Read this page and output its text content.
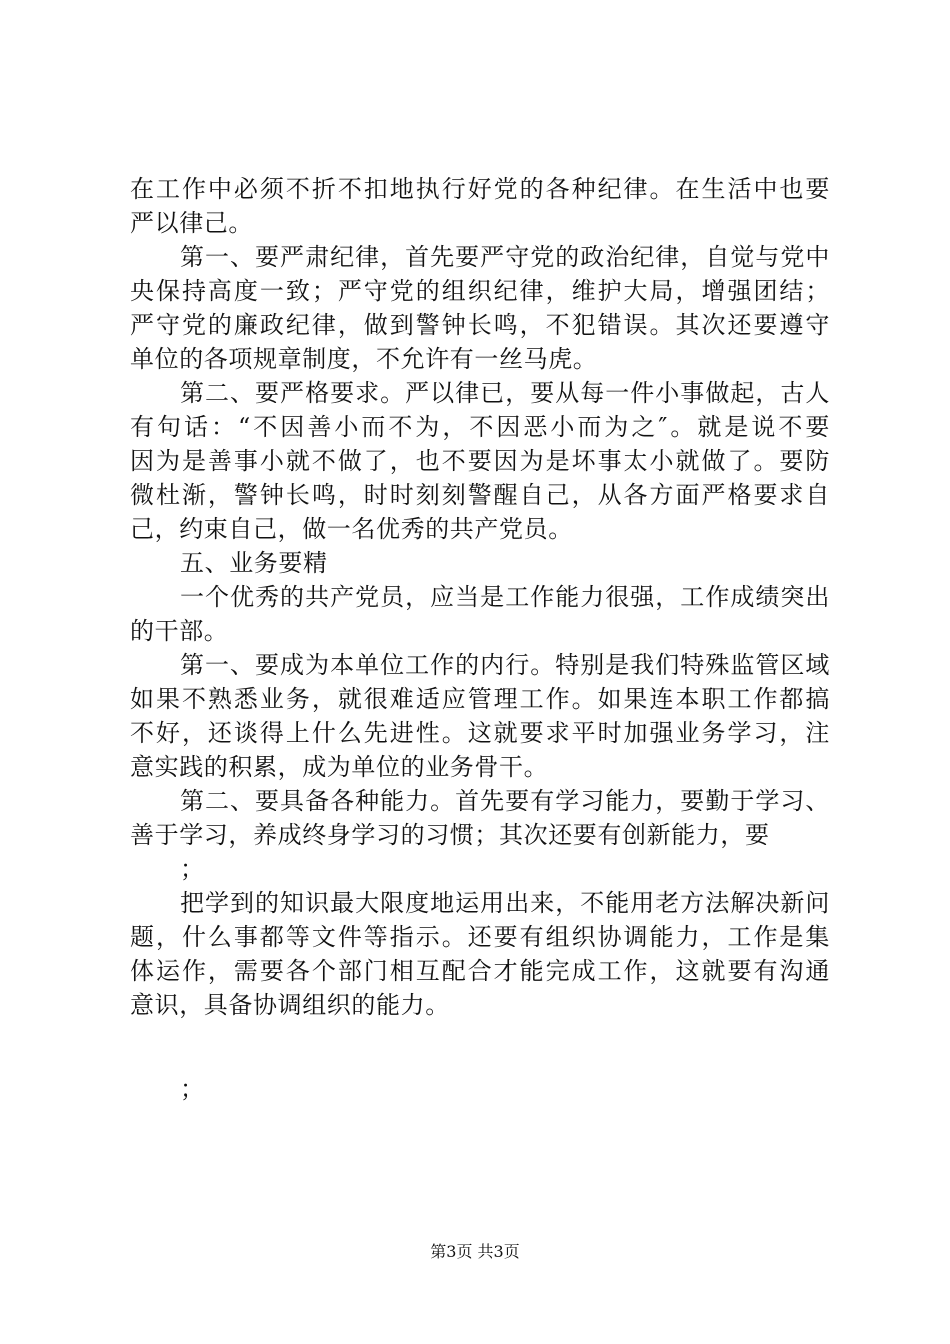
在工作中必须不折不扣地执行好党的各种纪律。在生活中也要
严以律己。
第一、要严肃纪律，首先要严守党的政治纪律，自觉与党中
央保持高度一致；严守党的组织纪律，维护大局，增强团结；
严守党的廉政纪律，做到警钟长鸣，不犯错误。其次还要遵守
单位的各项规章制度，不允许有一丝马虎。
第二、要严格要求。严以律已，要从每一件小事做起，古人
有句话：“不因善小而不为，不因恶小而为之″。就是说不要
因为是善事小就不做了，也不要因为是坏事太小就做了。要防
微杜渐，警钟长鸣，时时刻刻警醒自己，从各方面严格要求自
己，约束自己，做一名优秀的共产党员。
五、业务要精
一个优秀的共产党员，应当是工作能力很强，工作成绩突出
的干部。
第一、要成为本单位工作的内行。特别是我们特殊监管区域
如果不熟悉业务，就很难适应管理工作。如果连本职工作都搞
不好，还谈得上什么先进性。这就要求平时加强业务学习，注
意实践的积累，成为单位的业务骨干。
第二、要具备各种能力。首先要有学习能力，要勤于学习、
善于学习，养成终身学习的习惯；其次还要有创新能力，要
；
把学到的知识最大限度地运用出来，不能用老方法解决新问
题，什么事都等文件等指示。还要有组织协调能力，工作是集
体运作，需要各个部门相互配合才能完成工作，这就要有沟通
意识，具备协调组织的能力。
；
第3页 共3页
